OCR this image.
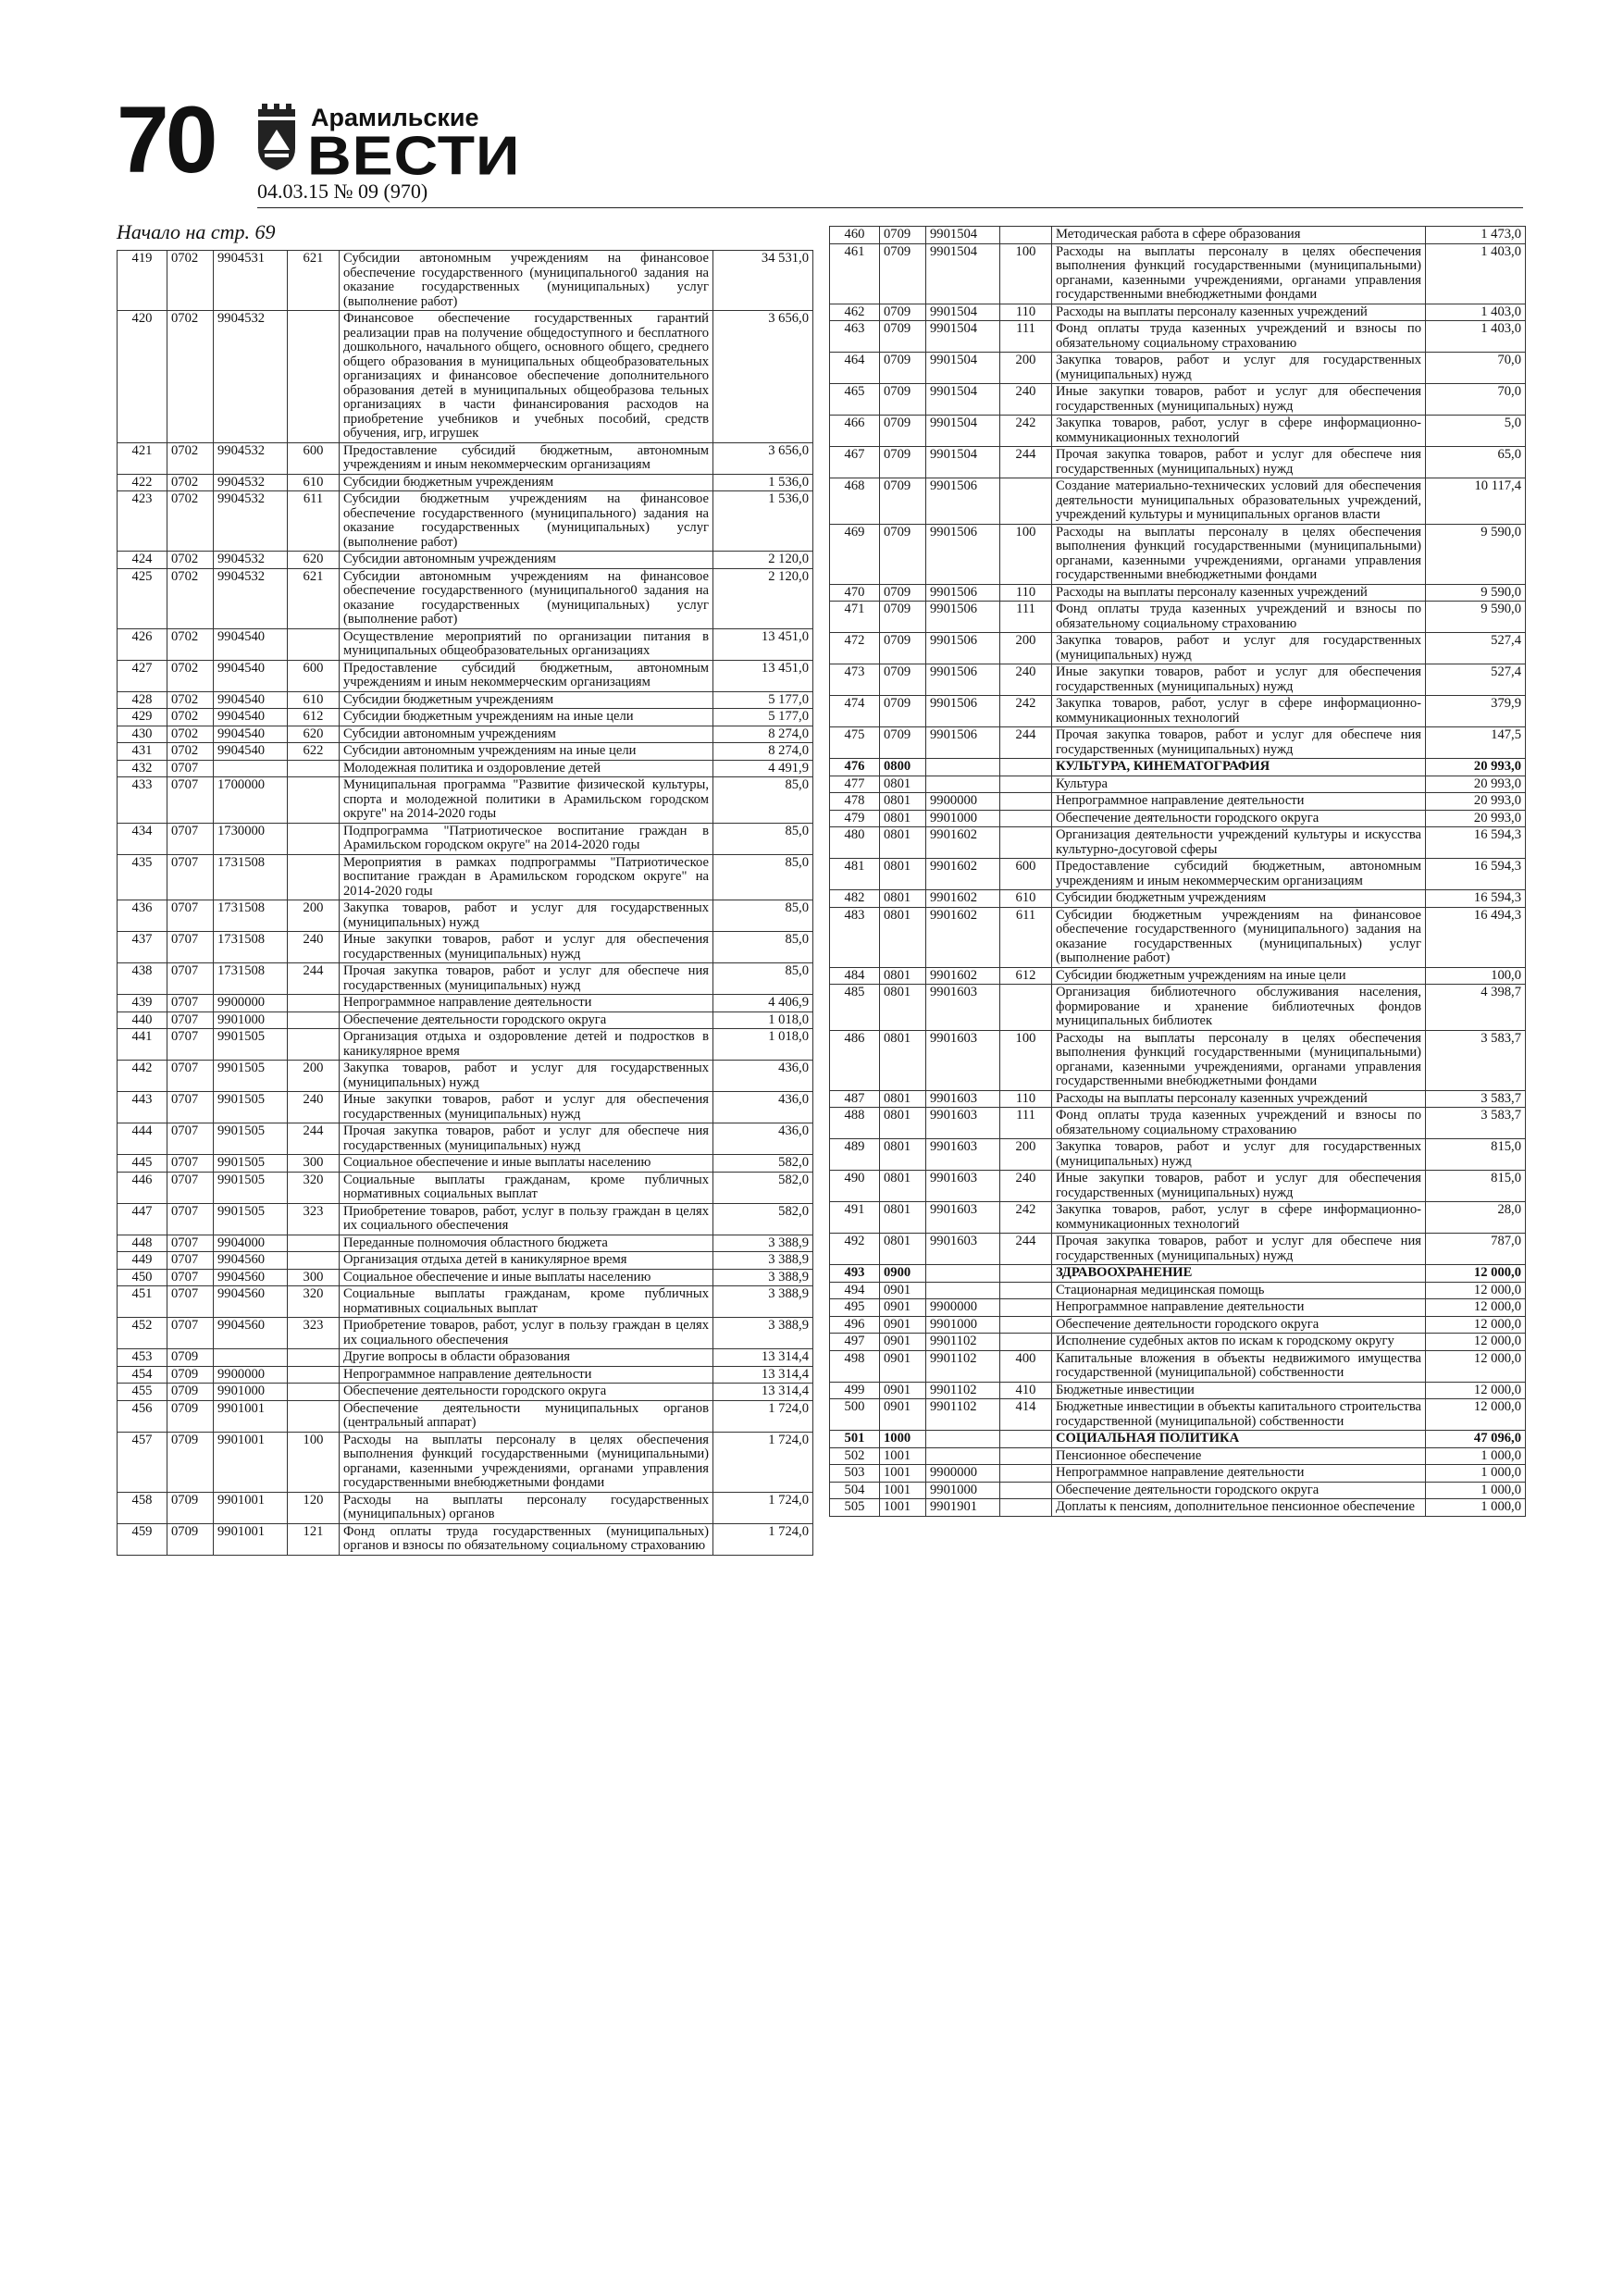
70	Арамильские
ВЕСТИ
04.03.15 № 09 (970)
Начало на стр. 69
419	0702	9904531	621	Субсидии автономным учреждениям на финансовое обеспечение государственного (муниципального0 задания на оказание государственных (муниципальных) услуг (выполнение работ)	34 531,0
420	0702	9904532		Финансовое обеспечение государственных гарантий реализации прав на получение общедоступного и бесплатного дошкольного, начального общего, основного общего, среднего общего образования в муниципальных общеобразовательных организациях и финансовое обеспечение дополнительного образования детей в муниципальных общеобразова тельных организациях в части финансирования расходов на приобретение учебников и учебных пособий, средств обучения, игр, игрушек	3 656,0
421	0702	9904532	600	Предоставление субсидий бюджетным, автономным учреждениям и иным некоммерческим организациям	3 656,0
422	0702	9904532	610	Субсидии бюджетным учреждениям	1 536,0
423	0702	9904532	611	Субсидии бюджетным учреждениям на финансовое обеспечение государственного (муниципального) задания на оказание государственных (муниципальных) услуг (выполнение работ)	1 536,0
424	0702	9904532	620	Субсидии автономным учреждениям	2 120,0
425	0702	9904532	621	Субсидии автономным учреждениям на финансовое обеспечение государственного (муниципального0 задания на оказание государственных (муниципальных) услуг (выполнение работ)	2 120,0
426	0702	9904540		Осуществление мероприятий по организации питания в муниципальных общеобразовательных организациях	13 451,0
427	0702	9904540	600	Предоставление субсидий бюджетным, автономным учреждениям и иным некоммерческим организациям	13 451,0
428	0702	9904540	610	Субсидии бюджетным учреждениям	5 177,0
429	0702	9904540	612	Субсидии бюджетным учреждениям на иные цели	5 177,0
430	0702	9904540	620	Субсидии автономным учреждениям	8 274,0
431	0702	9904540	622	Субсидии автономным учреждениям на иные цели	8 274,0
432	0707			Молодежная политика и оздоровление детей	4 491,9
433	0707	1700000		Муниципальная программа "Развитие физической культуры, спорта и молодежной политики в Арамильском городском округе" на 2014-2020 годы	85,0
434	0707	1730000		Подпрограмма "Патриотическое воспитание граждан в Арамильском городском округе" на 2014-2020 годы	85,0
435	0707	1731508		Мероприятия в рамках подпрограммы "Патриотическое воспитание граждан в Арамильском городском округе" на 2014-2020 годы	85,0
436	0707	1731508	200	Закупка товаров, работ и услуг для государственных (муниципальных) нужд	85,0
437	0707	1731508	240	Иные закупки товаров, работ и услуг для обеспечения государственных (муниципальных) нужд	85,0
438	0707	1731508	244	Прочая закупка товаров, работ и услуг для обеспече ния государственных (муниципальных) нужд	85,0
439	0707	9900000		Непрограммное направление деятельности	4 406,9
440	0707	9901000		Обеспечение деятельности городского округа	1 018,0
441	0707	9901505		Организация отдыха и оздоровление детей и подростков в каникулярное время	1 018,0
442	0707	9901505	200	Закупка товаров, работ и услуг для государственных (муниципальных) нужд	436,0
443	0707	9901505	240	Иные закупки товаров, работ и услуг для обеспечения государственных (муниципальных) нужд	436,0
444	0707	9901505	244	Прочая закупка товаров, работ и услуг для обеспече ния государственных (муниципальных) нужд	436,0
445	0707	9901505	300	Социальное обеспечение и иные выплаты населению	582,0
446	0707	9901505	320	Социальные выплаты гражданам, кроме публичных нормативных социальных выплат	582,0
447	0707	9901505	323	Приобретение товаров, работ, услуг в пользу граждан в целях их социального обеспечения	582,0
448	0707	9904000		Переданные полномочия областного бюджета	3 388,9
449	0707	9904560		Организация отдыха детей в каникулярное время	3 388,9
450	0707	9904560	300	Социальное обеспечение и иные выплаты населению	3 388,9
451	0707	9904560	320	Социальные выплаты гражданам, кроме публичных нормативных социальных выплат	3 388,9
452	0707	9904560	323	Приобретение товаров, работ, услуг в пользу граждан в целях их социального обеспечения	3 388,9
453	0709			Другие вопросы в области образования	13 314,4
454	0709	9900000		Непрограммное направление деятельности	13 314,4
455	0709	9901000		Обеспечение деятельности городского округа	13 314,4
456	0709	9901001		Обеспечение деятельности муниципальных органов (центральный аппарат)	1 724,0
457	0709	9901001	100	Расходы на выплаты персоналу в целях обеспечения выполнения функций государственными (муниципальными) органами, казенными учреждениями, органами управления государственными внебюджетными фондами	1 724,0
458	0709	9901001	120	Расходы на выплаты персоналу государственных (муниципальных) органов	1 724,0
459	0709	9901001	121	Фонд оплаты труда государственных (муниципальных) органов и взносы по обязательному социальному страхованию	1 724,0
460	0709	9901504		Методическая работа в сфере образования	1 473,0
461	0709	9901504	100	Расходы на выплаты персоналу в целях обеспечения выполнения функций государственными (муниципальными) органами, казенными учреждениями, органами управления государственными внебюджетными фондами	1 403,0
462	0709	9901504	110	Расходы на выплаты персоналу казенных учреждений	1 403,0
463	0709	9901504	111	Фонд оплаты труда казенных учреждений и взносы по обязательному социальному страхованию	1 403,0
464	0709	9901504	200	Закупка товаров, работ и услуг для государственных (муниципальных) нужд	70,0
465	0709	9901504	240	Иные закупки товаров, работ и услуг для обеспечения государственных (муниципальных) нужд	70,0
466	0709	9901504	242	Закупка товаров, работ, услуг в сфере информационно-коммуникационных технологий	5,0
467	0709	9901504	244	Прочая закупка товаров, работ и услуг для обеспече ния государственных (муниципальных) нужд	65,0
468	0709	9901506		Создание материально-технических условий для обеспечения деятельности муниципальных образовательных учреждений, учреждений культуры и муниципальных органов власти	10 117,4
469	0709	9901506	100	Расходы на выплаты персоналу в целях обеспечения выполнения функций государственными (муниципальными) органами, казенными учреждениями, органами управления государственными внебюджетными фондами	9 590,0
470	0709	9901506	110	Расходы на выплаты персоналу казенных учреждений	9 590,0
471	0709	9901506	111	Фонд оплаты труда казенных учреждений и взносы по обязательному социальному страхованию	9 590,0
472	0709	9901506	200	Закупка товаров, работ и услуг для государственных (муниципальных) нужд	527,4
473	0709	9901506	240	Иные закупки товаров, работ и услуг для обеспечения государственных (муниципальных) нужд	527,4
474	0709	9901506	242	Закупка товаров, работ, услуг в сфере информационно-коммуникационных технологий	379,9
475	0709	9901506	244	Прочая закупка товаров, работ и услуг для обеспече ния государственных (муниципальных) нужд	147,5
476	0800			КУЛЬТУРА, КИНЕМАТОГРАФИЯ	20 993,0
477	0801			Культура	20 993,0
478	0801	9900000		Непрограммное направление деятельности	20 993,0
479	0801	9901000		Обеспечение деятельности городского округа	20 993,0
480	0801	9901602		Организация деятельности учреждений культуры и искусства культурно-досуговой сферы	16 594,3
481	0801	9901602	600	Предоставление субсидий бюджетным, автономным учреждениям и иным некоммерческим организациям	16 594,3
482	0801	9901602	610	Субсидии бюджетным учреждениям	16 594,3
483	0801	9901602	611	Субсидии бюджетным учреждениям на финансовое обеспечение государственного (муниципального) задания на оказание государственных (муниципальных) услуг (выполнение работ)	16 494,3
484	0801	9901602	612	Субсидии бюджетным учреждениям на иные цели	100,0
485	0801	9901603		Организация библиотечного обслуживания населения, формирование и хранение библиотечных фондов муниципальных библиотек	4 398,7
486	0801	9901603	100	Расходы на выплаты персоналу в целях обеспечения выполнения функций государственными (муниципальными) органами, казенными учреждениями, органами управления государственными внебюджетными фондами	3 583,7
487	0801	9901603	110	Расходы на выплаты персоналу казенных учреждений	3 583,7
488	0801	9901603	111	Фонд оплаты труда казенных учреждений и взносы по обязательному социальному страхованию	3 583,7
489	0801	9901603	200	Закупка товаров, работ и услуг для государственных (муниципальных) нужд	815,0
490	0801	9901603	240	Иные закупки товаров, работ и услуг для обеспечения государственных (муниципальных) нужд	815,0
491	0801	9901603	242	Закупка товаров, работ, услуг в сфере информационно-коммуникационных технологий	28,0
492	0801	9901603	244	Прочая закупка товаров, работ и услуг для обеспече ния государственных (муниципальных) нужд	787,0
493	0900			ЗДРАВООХРАНЕНИЕ	12 000,0
494	0901			Стационарная медицинская помощь	12 000,0
495	0901	9900000		Непрограммное направление деятельности	12 000,0
496	0901	9901000		Обеспечение деятельности городского округа	12 000,0
497	0901	9901102		Исполнение судебных актов по искам к городскому округу	12 000,0
498	0901	9901102	400	Капитальные вложения в объекты недвижимого имущества государственной (муниципальной) собственности	12 000,0
499	0901	9901102	410	Бюджетные инвестиции	12 000,0
500	0901	9901102	414	Бюджетные инвестиции в объекты капитального строительства государственной (муниципальной) собственности	12 000,0
501	1000			СОЦИАЛЬНАЯ ПОЛИТИКА	47 096,0
502	1001			Пенсионное обеспечение	1 000,0
503	1001	9900000		Непрограммное направление деятельности	1 000,0
504	1001	9901000		Обеспечение деятельности городского округа	1 000,0
505	1001	9901901		Доплаты к пенсиям, дополнительное пенсионное обеспечение	1 000,0
